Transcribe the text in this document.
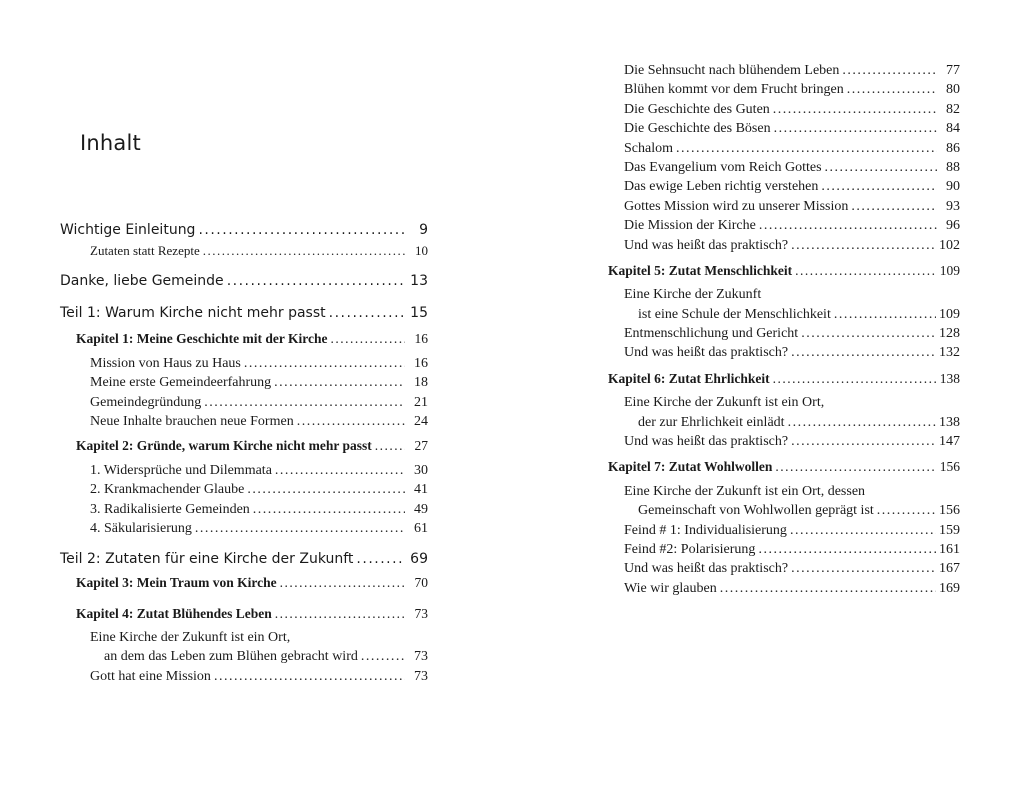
Inhalt
Wichtige Einleitung .....	9
Zutaten statt Rezepte .....	10
Danke, liebe Gemeinde .....	13
Teil 1: Warum Kirche nicht mehr passt .....	15
Kapitel 1: Meine Geschichte mit der Kirche .....	16
Mission von Haus zu Haus .....	16
Meine erste Gemeindeerfahrung .....	18
Gemeindegründung .....	21
Neue Inhalte brauchen neue Formen .....	24
Kapitel 2: Gründe, warum Kirche nicht mehr passt .....	27
1. Widersprüche und Dilemmata .....	30
2. Krankmachender Glaube .....	41
3. Radikalisierte Gemeinden .....	49
4. Säkularisierung .....	61
Teil 2: Zutaten für eine Kirche der Zukunft .....	69
Kapitel 3: Mein Traum von Kirche .....	70
Kapitel 4: Zutat Blühendes Leben .....	73
Eine Kirche der Zukunft ist ein Ort,
an dem das Leben zum Blühen gebracht wird .....	73
Gott hat eine Mission .....	73
Die Sehnsucht nach blühendem Leben .....	77
Blühen kommt vor dem Frucht bringen .....	80
Die Geschichte des Guten .....	82
Die Geschichte des Bösen .....	84
Schalom .....	86
Das Evangelium vom Reich Gottes .....	88
Das ewige Leben richtig verstehen .....	90
Gottes Mission wird zu unserer Mission .....	93
Die Mission der Kirche .....	96
Und was heißt das praktisch? .....	102
Kapitel 5: Zutat Menschlichkeit .....	109
Eine Kirche der Zukunft
ist eine Schule der Menschlichkeit .....	109
Entmenschlichung und Gericht .....	128
Und was heißt das praktisch? .....	132
Kapitel 6: Zutat Ehrlichkeit .....	138
Eine Kirche der Zukunft ist ein Ort,
der zur Ehrlichkeit einlädt .....	138
Und was heißt das praktisch? .....	147
Kapitel 7: Zutat Wohlwollen .....	156
Eine Kirche der Zukunft ist ein Ort, dessen
Gemeinschaft von Wohlwollen geprägt ist .....	156
Feind # 1: Individualisierung .....	159
Feind #2: Polarisierung .....	161
Und was heißt das praktisch? .....	167
Wie wir glauben .....	169
